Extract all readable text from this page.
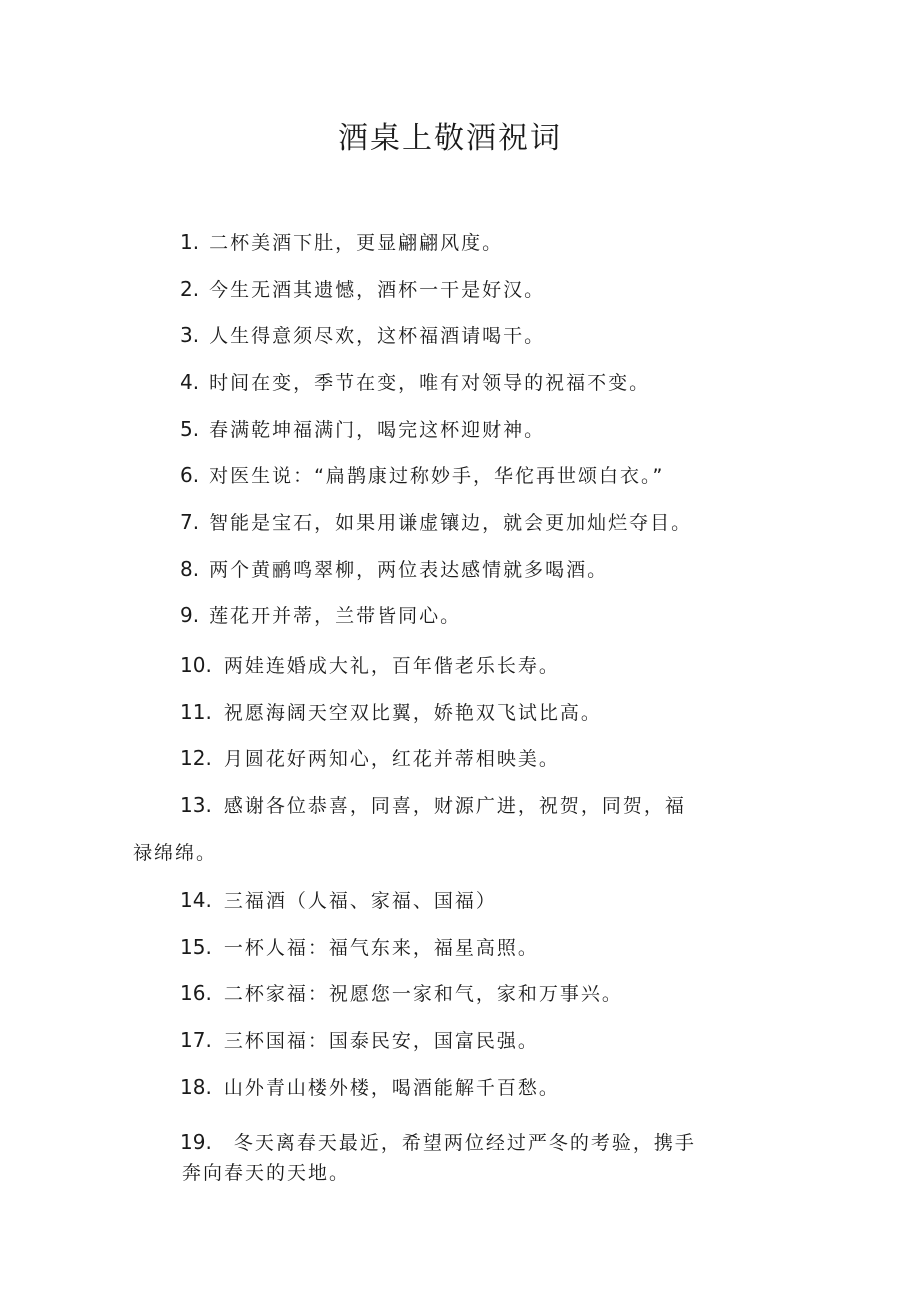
酒桌上敬酒祝词
1. 二杯美酒下肚，更显翩翩风度。
2. 今生无酒其遗憾，酒杯一干是好汉。
3. 人生得意须尽欢，这杯福酒请喝干。
4. 时间在变，季节在变，唯有对领导的祝福不变。
5. 春满乾坤福满门，喝完这杯迎财神。
6. 对医生说：“扁鹊康过称妙手，华佗再世颂白衣。”
7. 智能是宝石，如果用谦虚镶边，就会更加灿烂夺目。
8. 两个黄鹂鸣翠柳，两位表达感情就多喝酒。
9. 莲花开并蒂，兰带皆同心。
10. 两娃连婚成大礼，百年偕老乐长寿。
11. 祝愿海阔天空双比翼，娇艳双飞试比高。
12. 月圆花好两知心，红花并蒂相映美。
13. 感谢各位恭喜，同喜，财源广进，祝贺，同贺，福
禄绵绵。
14. 三福酒（人福、家福、国福）
15. 一杯人福：福气东来，福星高照。
16. 二杯家福：祝愿您一家和气，家和万事兴。
17. 三杯国福：国泰民安，国富民强。
18. 山外青山楼外楼，喝酒能解千百愁。
19. 冬天离春天最近，希望两位经过严冬的考验，携手
奔向春天的天地。
